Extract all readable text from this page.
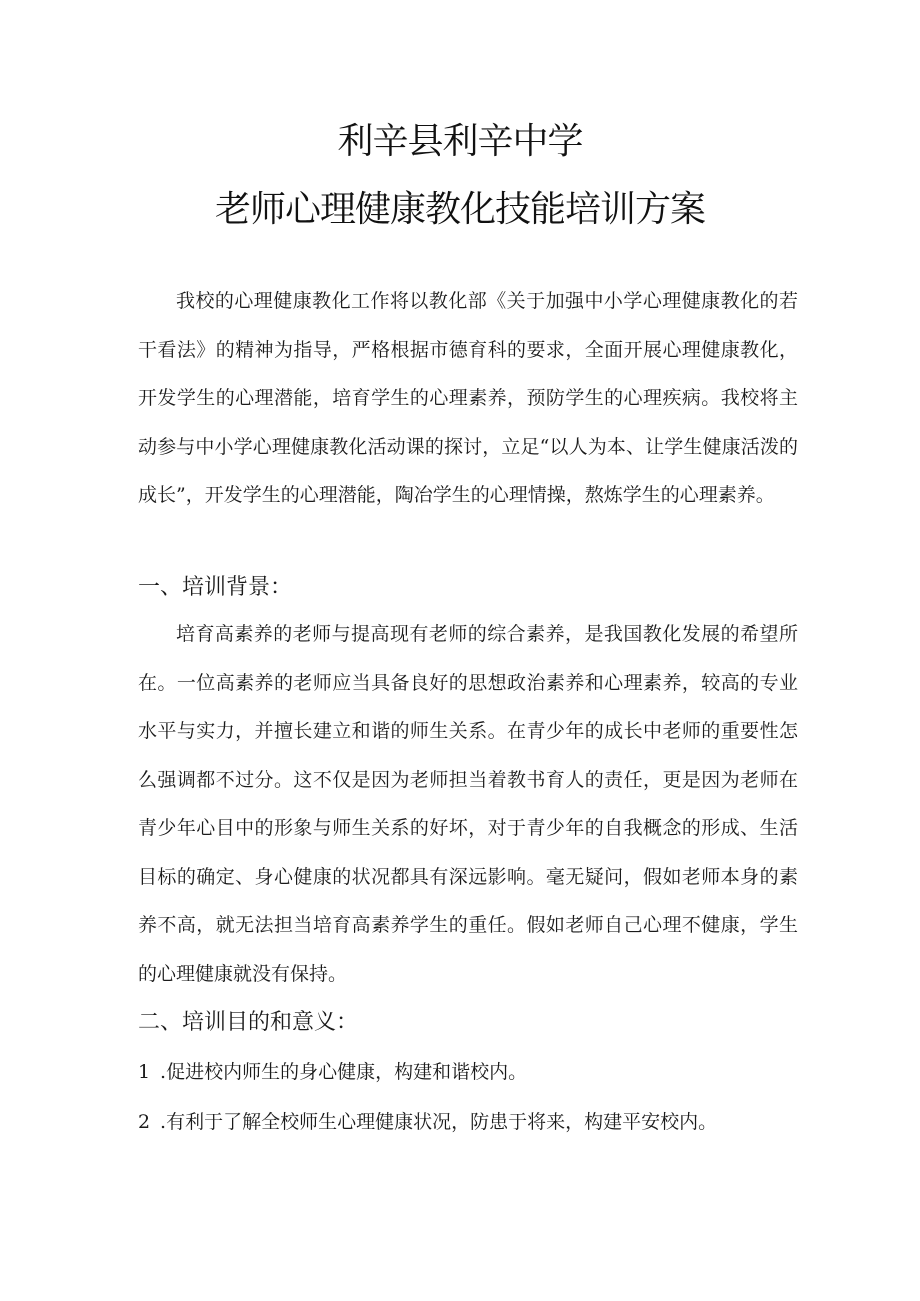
利辛县利辛中学
老师心理健康教化技能培训方案

我校的心理健康教化工作将以教化部《关于加强中小学心理健康教化的若干看法》的精神为指导，严格根据市德育科的要求，全面开展心理健康教化，开发学生的心理潜能，培育学生的心理素养，预防学生的心理疾病。我校将主动参与中小学心理健康教化活动课的探讨，立足“以人为本、让学生健康活泼的成长”，开发学生的心理潜能，陶冶学生的心理情操，熬炼学生的心理素养。

一、培训背景：

培育高素养的老师与提高现有老师的综合素养，是我国教化发展的希望所在。一位高素养的老师应当具备良好的思想政治素养和心理素养，较高的专业水平与实力，并擅长建立和谐的师生关系。在青少年的成长中老师的重要性怎么强调都不过分。这不仅是因为老师担当着教书育人的责任，更是因为老师在青少年心目中的形象与师生关系的好坏，对于青少年的自我概念的形成、生活目标的确定、身心健康的状况都具有深远影响。毫无疑问，假如老师本身的素养不高，就无法担当培育高素养学生的重任。假如老师自己心理不健康，学生的心理健康就没有保持。

二、培训目的和意义：
1 .促进校内师生的身心健康，构建和谐校内。
2 .有利于了解全校师生心理健康状况，防患于将来，构建平安校内。
